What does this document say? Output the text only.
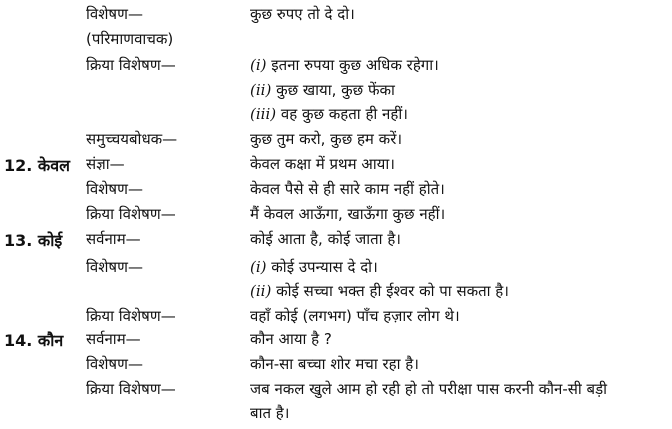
विशेषण—	कुछ रुपए तो दे दो।
(परिमाणवाचक)
क्रिया विशेषण—	(i) इतना रुपया कुछ अधिक रहेगा।
(ii) कुछ खाया, कुछ फेंका
(iii) वह कुछ कहता ही नहीं।
समुच्चयबोधक—	कुछ तुम करो, कुछ हम करें।
12. केवल संज्ञा—	केवल कक्षा में प्रथम आया।
विशेषण—	केवल पैसे से ही सारे काम नहीं होते।
क्रिया विशेषण—	मैं केवल आऊँगा, खाऊँगा कुछ नहीं।
13. कोई सर्वनाम—	कोई आता है, कोई जाता है।
विशेषण—	(i) कोई उपन्यास दे दो।
(ii) कोई सच्चा भक्त ही ईश्वर को पा सकता है।
क्रिया विशेषण—	वहाँ कोई (लगभग) पाँच हज़ार लोग थे।
14. कौन सर्वनाम—	कौन आया है ?
विशेषण—	कौन-सा बच्चा शोर मचा रहा है।
क्रिया विशेषण—	जब नकल खुले आम हो रही हो तो परीक्षा पास करनी कौन-सी बड़ी
बात है।
